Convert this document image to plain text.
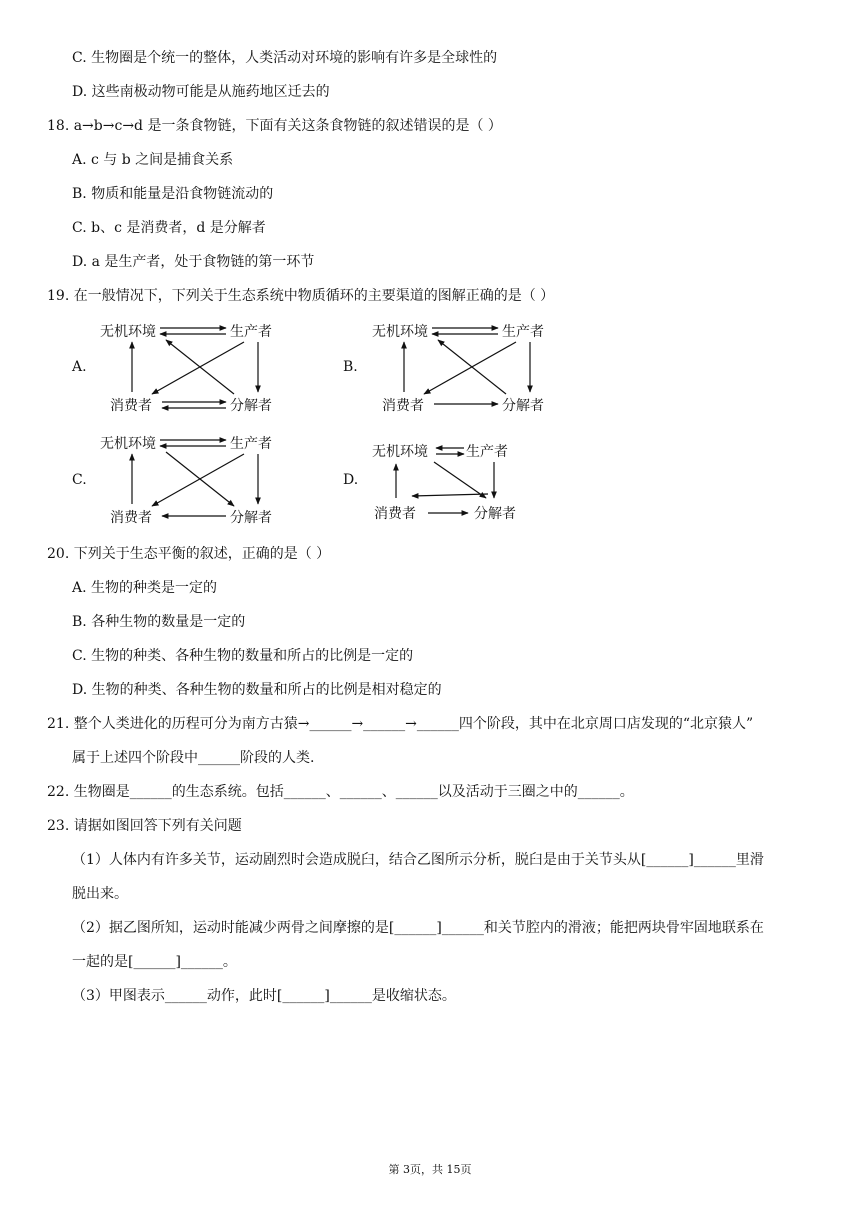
C. 生物圈是个统一的整体，人类活动对环境的影响有许多是全球性的
D. 这些南极动物可能是从施药地区迁去的
18. a→b→c→d 是一条食物链，下面有关这条食物链的叙述错误的是（ ）
A. c 与 b 之间是捕食关系
B. 物质和能量是沿食物链流动的
C. b、c 是消费者，d 是分解者
D. a 是生产者，处于食物链的第一环节
19. 在一般情况下，下列关于生态系统中物质循环的主要渠道的图解正确的是（ ）
A.	B.
C.	D.
无机环境	生产者
消费者	分解者
无机环境	生产者
消费者	分解者
无机环境	生产者
消费者	分解者
无机环境	生产者
消费者	分解者
20. 下列关于生态平衡的叙述，正确的是（ ）
A. 生物的种类是一定的
B. 各种生物的数量是一定的
C. 生物的种类、各种生物的数量和所占的比例是一定的
D. 生物的种类、各种生物的数量和所占的比例是相对稳定的
21. 整个人类进化的历程可分为南方古猿→______→______→______四个阶段，其中在北京周口店发现的“北京猿人”
属于上述四个阶段中______阶段的人类.
22. 生物圈是______的生态系统。包括______、______、______以及活动于三圈之中的______。
23. 请据如图回答下列有关问题
（1）人体内有许多关节，运动剧烈时会造成脱臼，结合乙图所示分析，脱臼是由于关节头从[______]______里滑
脱出来。
（2）据乙图所知，运动时能减少两骨之间摩擦的是[______]______和关节腔内的滑液；能把两块骨牢固地联系在
一起的是[______]______。
（3）甲图表示______动作，此时[______]______是收缩状态。
第 3页，共 15页
